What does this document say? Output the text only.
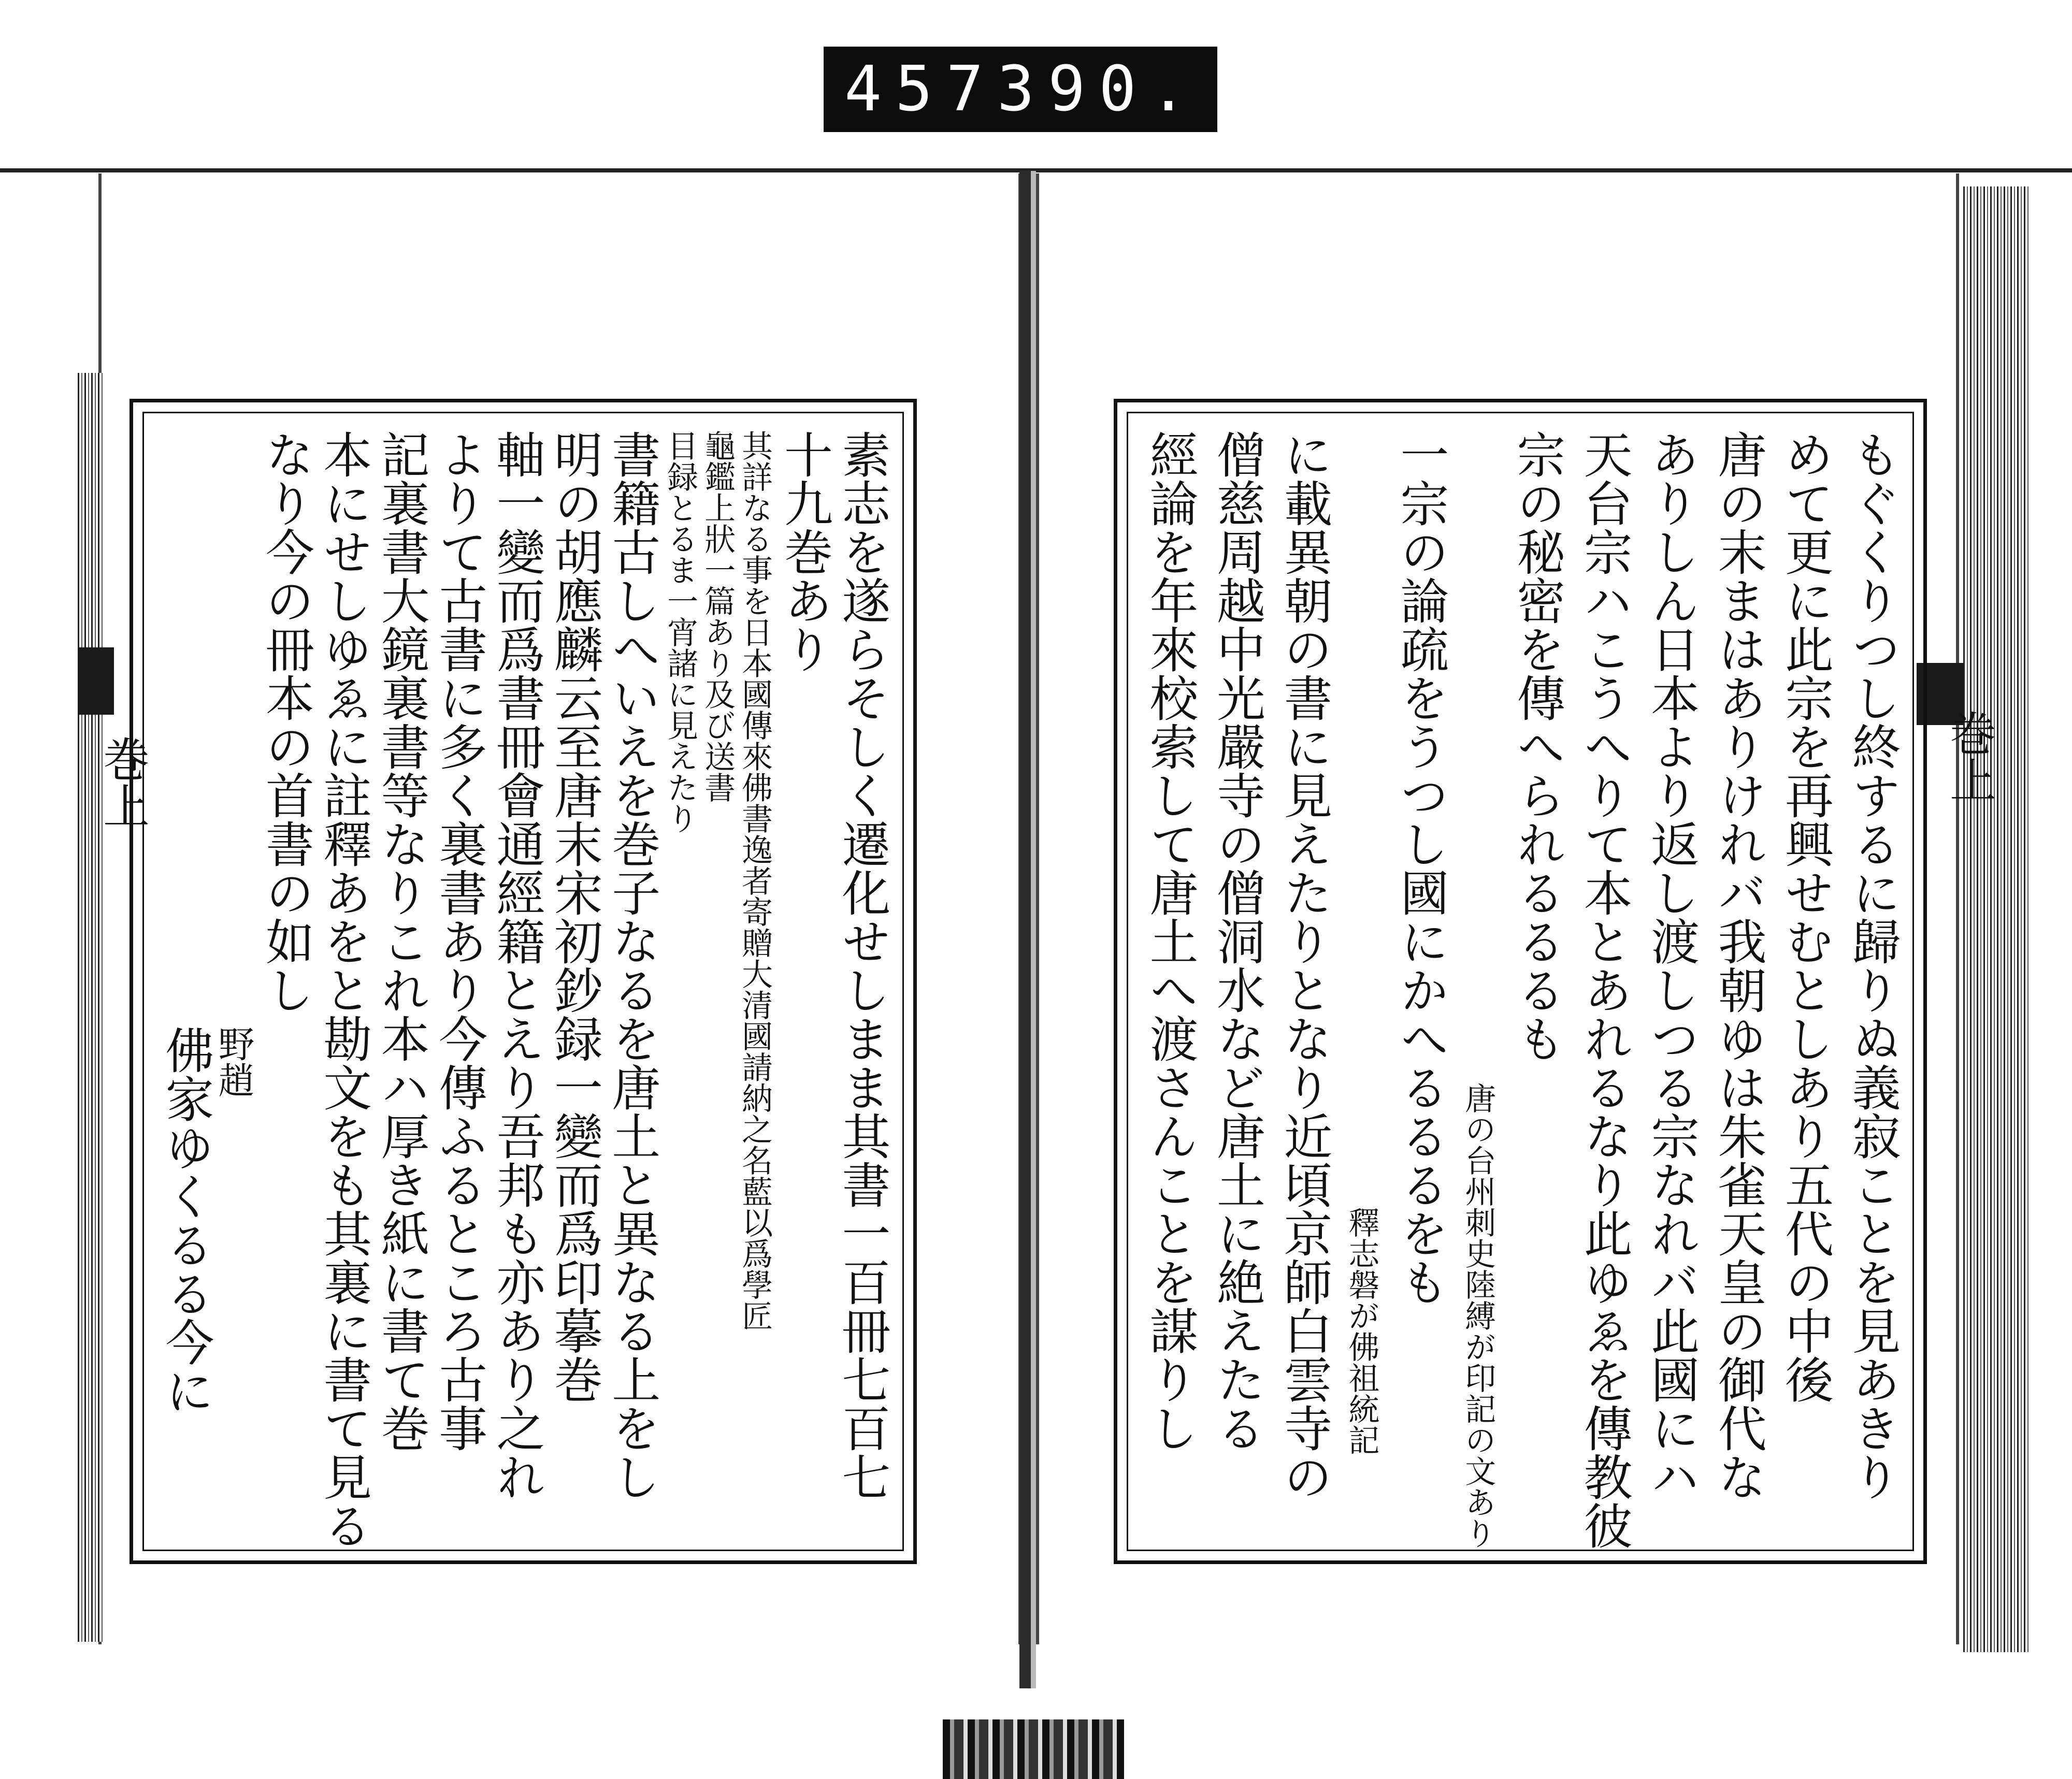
457 390.
素志を遂らそしく遷化せしまま其書一百冊七百七
十九巻あり
其詳なる事を日本國傳來佛書逸者寄贈大清國請納之名藍以爲學匠
龜鑑上狀一篇あり及び送書
目録とるま一宵諸に見えたり
書籍古しへいえを巻子なるを唐土と異なる上をし
明の胡應麟云至唐末宋初鈔録一變而爲印摹巻
軸一變而爲書冊會通經籍とえり吾邦も亦あり之れ
よりて古書に多く裏書あり今傳ふるところ古事
記裏書大鏡裏書等なりこれ本ハ厚き紙に書て巻
本にせしゆゑに註釋あをと勘文をも其裏に書て見る
なり今の冊本の首書の如し
野趙
佛家ゆくるる今に
巻上	もぐくりつし終するに歸りぬ義寂ことを見あきり
めて更に此宗を再興せむとしあり五代の中後
唐の末まはありけれバ我朝ゆは朱雀天皇の御代な
ありしん日本より返し渡しつる宗なれバ此國にハ
天台宗ハこうへりて本とあれるなり此ゆゑを傳教彼
宗の秘密を傳へられるるるも
唐の台州刺史陸縛が印記の文あり
一宗の論疏をうつし國にかへるるるをも
釋志磐が佛祖統記
に載異朝の書に見えたりとなり近頃京師白雲寺の
僧慈周越中光嚴寺の僧洞水など唐土に絶えたる
經論を年來校索して唐土へ渡さんことを謀りし	巻上
